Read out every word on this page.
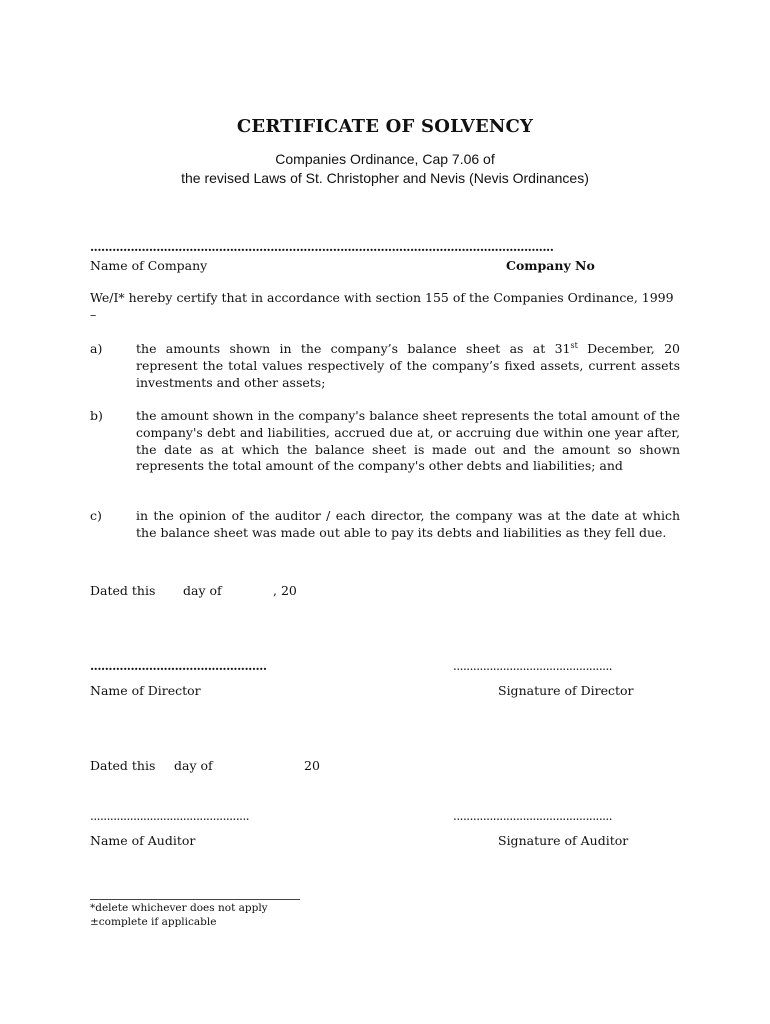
CERTIFICATE OF SOLVENCY
Companies Ordinance, Cap 7.06 of
the revised Laws of St. Christopher and Nevis (Nevis Ordinances)
..............................................................................................................................
Name of Company	Company No
We/I* hereby certify that in accordance with section 155 of the Companies Ordinance, 1999 –
a)	the amounts shown in the company’s balance sheet as at 31st December, 20 represent the total values respectively of the company’s fixed assets, current assets investments and other assets;
b)	the amount shown in the company's balance sheet represents the total amount of the company's debt and liabilities, accrued due at, or accruing due within one year after, the date as at which the balance sheet is made out and the amount so shown represents the total amount of the company's other debts and liabilities; and
c)	in the opinion of the auditor / each director, the company was at the date at which the balance sheet was made out able to pay its debts and liabilities as they fell due.
Dated this day of	, 20
................................................	................................................
Name of Director	Signature of Director
Dated this day of	20
................................................	................................................
Name of Auditor	Signature of Auditor
*delete whichever does not apply
±complete if applicable
